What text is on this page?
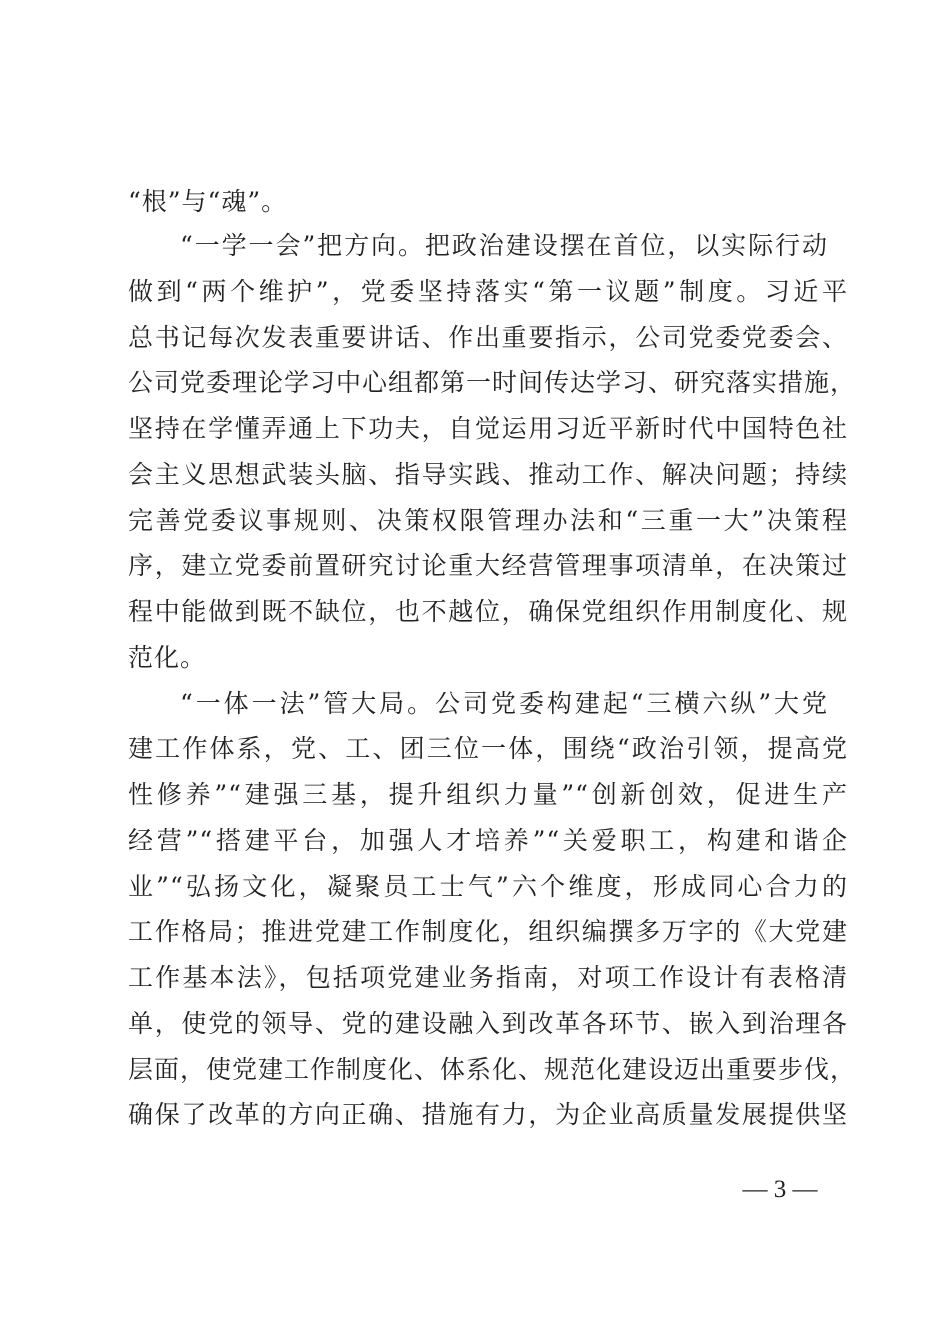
“根”与“魂”。
“一学一会”把方向。把政治建设摆在首位，以实际行动
做到“两个维护”，党委坚持落实“第一议题”制度。习近平
总书记每次发表重要讲话、作出重要指示，公司党委党委会、
公司党委理论学习中心组都第一时间传达学习、研究落实措施，
坚持在学懂弄通上下功夫，自觉运用习近平新时代中国特色社
会主义思想武装头脑、指导实践、推动工作、解决问题；持续
完善党委议事规则、决策权限管理办法和“三重一大”决策程
序，建立党委前置研究讨论重大经营管理事项清单，在决策过
程中能做到既不缺位，也不越位，确保党组织作用制度化、规
范化。
“一体一法”管大局。公司党委构建起“三横六纵”大党
建工作体系，党、工、团三位一体，围绕“政治引领，提高党
性修养”“建强三基，提升组织力量”“创新创效，促进生产
经营”“搭建平台，加强人才培养”“关爱职工，构建和谐企
业”“弘扬文化，凝聚员工士气”六个维度，形成同心合力的
工作格局；推进党建工作制度化，组织编撰多万字的《大党建
工作基本法》，包括项党建业务指南，对项工作设计有表格清
单，使党的领导、党的建设融入到改革各环节、嵌入到治理各
层面，使党建工作制度化、体系化、规范化建设迈出重要步伐，
确保了改革的方向正确、措施有力，为企业高质量发展提供坚
— 3 —
